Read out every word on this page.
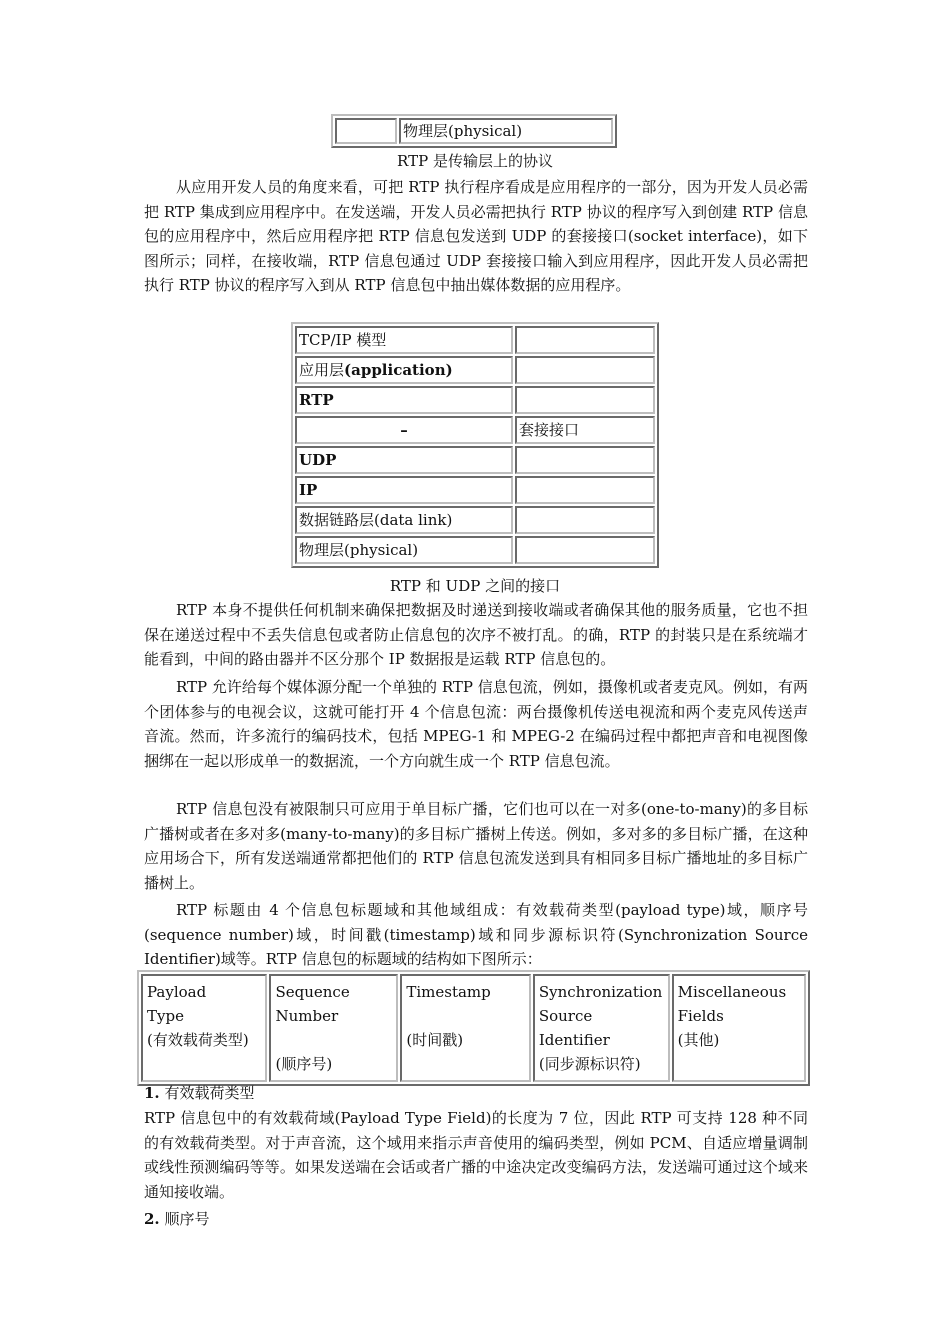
	物理层(physical)
RTP 是传输层上的协议

从应用开发人员的角度来看，可把 RTP 执行程序看成是应用程序的一部分，因为开发人员必需把 RTP 集成到应用程序中。在发送端，开发人员必需把执行 RTP 协议的程序写入到创建 RTP 信息包的应用程序中，然后应用程序把 RTP 信息包发送到 UDP 的套接接口(socket interface)，如下图所示；同样，在接收端，RTP 信息包通过 UDP 套接接口输入到应用程序，因此开发人员必需把执行 RTP 协议的程序写入到从 RTP 信息包中抽出媒体数据的应用程序。

TCP/IP 模型	
应用层(application)	
RTP	
–	套接接口
UDP	
IP	
数据链路层(data link)	
物理层(physical)	
RTP 和 UDP 之间的接口

RTP 本身不提供任何机制来确保把数据及时递送到接收端或者确保其他的服务质量，它也不担保在递送过程中不丢失信息包或者防止信息包的次序不被打乱。的确，RTP 的封装只是在系统端才能看到，中间的路由器并不区分那个 IP 数据报是运载 RTP 信息包的。

RTP 允许给每个媒体源分配一个单独的 RTP 信息包流，例如，摄像机或者麦克风。例如，有两个团体参与的电视会议，这就可能打开 4 个信息包流：两台摄像机传送电视流和两个麦克风传送声音流。然而，许多流行的编码技术，包括 MPEG-1 和 MPEG-2 在编码过程中都把声音和电视图像捆绑在一起以形成单一的数据流，一个方向就生成一个 RTP 信息包流。

RTP 信息包没有被限制只可应用于单目标广播，它们也可以在一对多(one-to-many)的多目标广播树或者在多对多(many-to-many)的多目标广播树上传送。例如，多对多的多目标广播，在这种应用场合下，所有发送端通常都把他们的 RTP 信息包流发送到具有相同多目标广播地址的多目标广播树上。

RTP 标题由 4 个信息包标题域和其他域组成：有效载荷类型(payload type)域，顺序号(sequence number)域，时间戳(timestamp)域和同步源标识符(Synchronization Source Identifier)域等。RTP 信息包的标题域的结构如下图所示：

Payload
Type
(有效载荷类型)

Sequence Number
(顺序号)

Timestamp
(时间戳)

Synchronization
Source Identifier
(同步源标识符)

Miscellaneous
Fields
(其他)
1. 有效载荷类型

RTP 信息包中的有效载荷域(Payload Type Field)的长度为 7 位，因此 RTP 可支持 128 种不同的有效载荷类型。对于声音流，这个域用来指示声音使用的编码类型，例如 PCM、自适应增量调制或线性预测编码等等。如果发送端在会话或者广播的中途决定改变编码方法，发送端可通过这个域来通知接收端。

2. 顺序号
